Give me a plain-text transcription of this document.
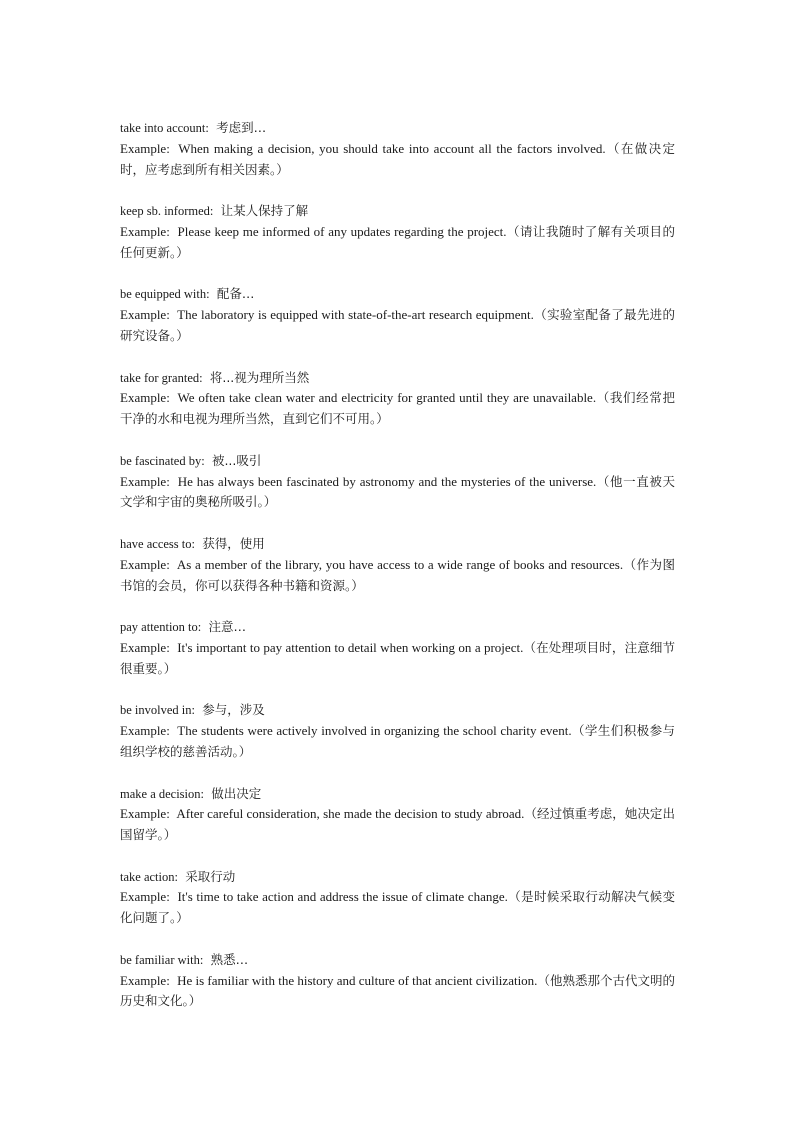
take into account: 考虑到…

Example: When making a decision, you should take into account all the factors involved.（在做决定时，应考虑到所有相关因素。）

keep sb. informed: 让某人保持了解

Example: Please keep me informed of any updates regarding the project.（请让我随时了解有关项目的任何更新。）

be equipped with: 配备…

Example: The laboratory is equipped with state-of-the-art research equipment.（实验室配备了最先进的研究设备。）

take for granted: 将...视为理所当然

Example: We often take clean water and electricity for granted until they are unavailable.（我们经常把干净的水和电视为理所当然，直到它们不可用。）

be fascinated by: 被...吸引

Example: He has always been fascinated by astronomy and the mysteries of the universe.（他一直被天文学和宇宙的奥秘所吸引。）

have access to: 获得，使用

Example: As a member of the library, you have access to a wide range of books and resources.（作为图书馆的会员，你可以获得各种书籍和资源。）

pay attention to: 注意…

Example: It's important to pay attention to detail when working on a project.（在处理项目时，注意细节很重要。）

be involved in: 参与，涉及

Example: The students were actively involved in organizing the school charity event.（学生们积极参与组织学校的慈善活动。）

make a decision: 做出决定

Example: After careful consideration, she made the decision to study abroad.（经过慎重考虑，她决定出国留学。）

take action: 采取行动

Example: It's time to take action and address the issue of climate change.（是时候采取行动解决气候变化问题了。）

be familiar with: 熟悉…

Example: He is familiar with the history and culture of that ancient civilization.（他熟悉那个古代文明的历史和文化。）
